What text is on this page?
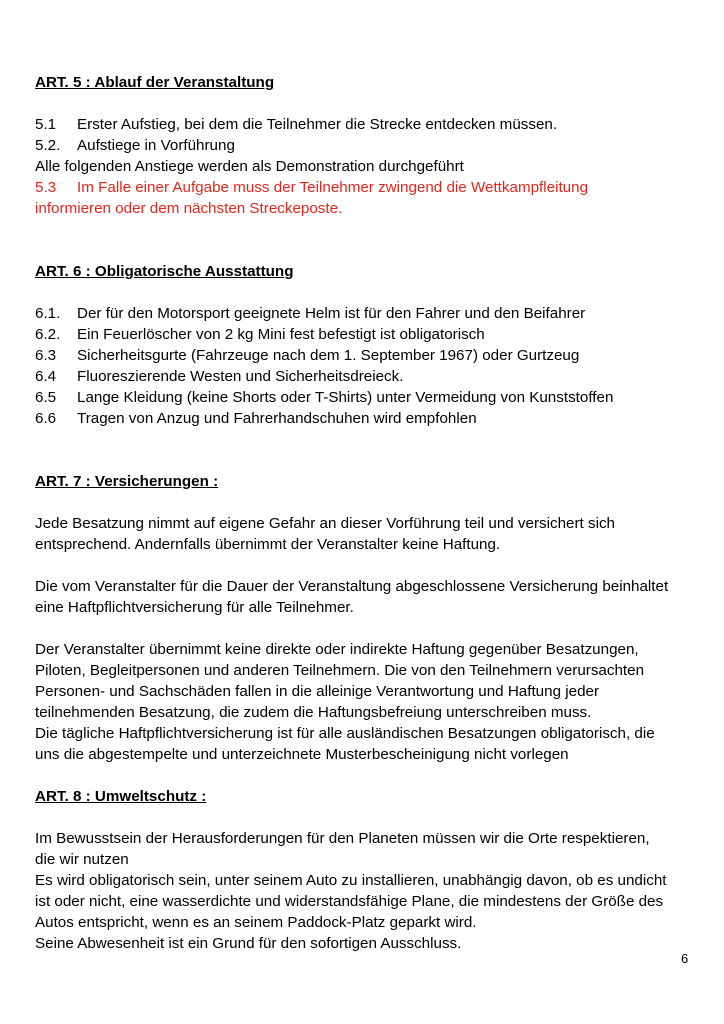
ART. 5 : Ablauf der Veranstaltung

5.1	Erster Aufstieg, bei dem die Teilnehmer die Strecke entdecken müssen.
5.2.	Aufstiege in Vorführung

Alle folgenden Anstiege werden als Demonstration durchgeführt

5.3	Im Falle einer Aufgabe muss der Teilnehmer zwingend die Wettkampfleitung

informieren oder dem nächsten Streckeposte.

ART. 6 : Obligatorische Ausstattung

6.1.	Der für den Motorsport geeignete Helm ist für den Fahrer und den Beifahrer
6.2.	Ein Feuerlöscher von 2 kg Mini fest befestigt ist obligatorisch
6.3	Sicherheitsgurte (Fahrzeuge nach dem 1. September 1967) oder Gurtzeug
6.4	Fluoreszierende Westen und Sicherheitsdreieck.
6.5	Lange Kleidung (keine Shorts oder T-Shirts) unter Vermeidung von Kunststoffen
6.6	Tragen von Anzug und Fahrerhandschuhen wird empfohlen

ART. 7 : Versicherungen :

Jede Besatzung nimmt auf eigene Gefahr an dieser Vorführung teil und versichert sich

entsprechend. Andernfalls übernimmt der Veranstalter keine Haftung.

Die vom Veranstalter für die Dauer der Veranstaltung abgeschlossene Versicherung beinhaltet

eine Haftpflichtversicherung für alle Teilnehmer.

Der Veranstalter übernimmt keine direkte oder indirekte Haftung gegenüber Besatzungen,

Piloten, Begleitpersonen und anderen Teilnehmern. Die von den Teilnehmern verursachten

Personen- und Sachschäden fallen in die alleinige Verantwortung und Haftung jeder

teilnehmenden Besatzung, die zudem die Haftungsbefreiung unterschreiben muss.

Die tägliche Haftpflichtversicherung ist für alle ausländischen Besatzungen obligatorisch, die

uns die abgestempelte und unterzeichnete Musterbescheinigung nicht vorlegen

ART. 8 : Umweltschutz :

Im Bewusstsein der Herausforderungen für den Planeten müssen wir die Orte respektieren,

die wir nutzen

Es wird obligatorisch sein, unter seinem Auto zu installieren, unabhängig davon, ob es undicht

ist oder nicht, eine wasserdichte und widerstandsfähige Plane, die mindestens der Größe des

Autos entspricht, wenn es an seinem Paddock-Platz geparkt wird.

Seine Abwesenheit ist ein Grund für den sofortigen Ausschluss.

6
